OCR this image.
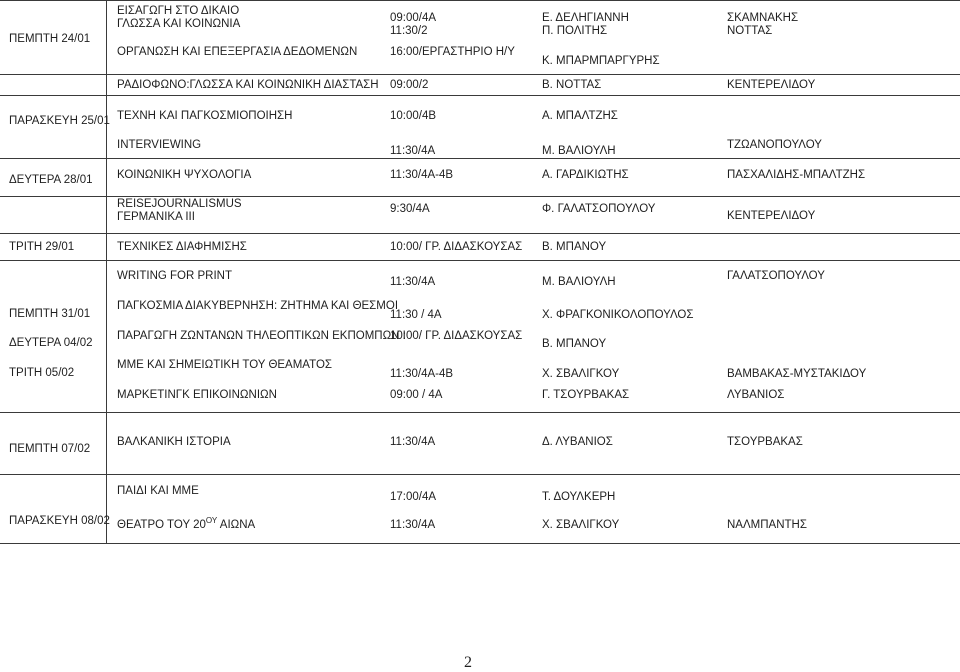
ΠΕΜΠΤΗ 24/01
ΠΑΡΑΣΚΕΥΗ 25/01
ΔΕΥΤΕΡΑ 28/01
ΤΡΙΤΗ 29/01
ΠΕΜΠΤΗ 31/01
ΔΕΥΤΕΡΑ 04/02
ΤΡΙΤΗ 05/02
ΠΕΜΠΤΗ 07/02
ΠΑΡΑΣΚΕΥΗ 08/02
ΕΙΣΑΓΩΓΗ ΣΤΟ ΔΙΚΑΙΟ
ΓΛΩΣΣΑ ΚΑΙ ΚΟΙΝΩΝΙΑ
ΟΡΓΑΝΩΣΗ ΚΑΙ ΕΠΕΞΕΡΓΑΣΙΑ ΔΕΔΟΜΕΝΩΝ
ΡΑΔΙΟΦΩΝΟ:ΓΛΩΣΣΑ ΚΑΙ ΚΟΙΝΩΝΙΚΗ ΔΙΑΣΤΑΣΗ
ΤΕΧΝΗ ΚΑΙ ΠΑΓΚΟΣΜΙΟΠΟΙΗΣΗ
INTERVIEWING
ΚΟΙΝΩΝΙΚΗ ΨΥΧΟΛΟΓΙΑ
REISEJOURNALISMUS
ΓΕΡΜΑΝΙΚΑ ΙΙΙ
ΤΕΧΝΙΚΕΣ ΔΙΑΦΗΜΙΣΗΣ
WRITING FOR PRINT
ΠΑΓΚΟΣΜΙΑ ΔΙΑΚΥΒΕΡΝΗΣΗ: ΖΗΤΗΜΑ ΚΑΙ ΘΕΣΜΟΙ
ΠΑΡΑΓΩΓΗ ΖΩΝΤΑΝΩΝ ΤΗΛΕΟΠΤΙΚΩΝ ΕΚΠΟΜΠΩΝ Ι
ΜΜΕ ΚΑΙ ΣΗΜΕΙΩΤΙΚΗ ΤΟΥ ΘΕΑΜΑΤΟΣ
ΜΑΡΚΕΤΙΝΓΚ ΕΠΙΚΟΙΝΩΝΙΩΝ
ΒΑΛΚΑΝΙΚΗ ΙΣΤΟΡΙΑ
ΠΑΙΔΙ ΚΑΙ ΜΜΕ
ΘΕΑΤΡΟ ΤΟΥ $20^{O\Upsilon}$ ΑΙΩΝΑ
09:00/4Α
11:30/2
16:00/ΕΡΓΑΣΤΗΡΙΟ Η/Υ
09:00/2
10:00/4Β
11:30/4Α
11:30/4Α-4Β
9:30/4Α
10:00/ ΓΡ. ΔΙΔΑΣΚΟΥΣΑΣ
11:30/4Α
11:30 / 4Α
10:00/ ΓΡ. ΔΙΔΑΣΚΟΥΣΑΣ
11:30/4Α-4Β
09:00 / 4Α
11:30/4Α
17:00/4Α
11:30/4Α
Ε. ΔΕΛΗΓΙΑΝΝΗ
Π. ΠΟΛΙΤΗΣ
Κ. ΜΠΑΡΜΠΑΡΓΥΡΗΣ
Β. ΝΟΤΤΑΣ
Α. ΜΠΑΛΤΖΗΣ
Μ. ΒΑΛΙΟΥΛΗ
Α. ΓΑΡΔΙΚΙΩΤΗΣ
Φ. ΓΑΛΑΤΣΟΠΟΥΛΟΥ
Β. ΜΠΑΝΟΥ
Μ. ΒΑΛΙΟΥΛΗ
Χ. ΦΡΑΓΚΟΝΙΚΟΛΟΠΟΥΛΟΣ
Β. ΜΠΑΝΟΥ
Χ. ΣΒΑΛΙΓΚΟΥ
Γ. ΤΣΟΥΡΒΑΚΑΣ
Δ. ΛΥΒΑΝΙΟΣ
Τ. ΔΟΥΛΚΕΡΗ
Χ. ΣΒΑΛΙΓΚΟΥ
ΣΚΑΜΝΑΚΗΣ
ΝΟΤΤΑΣ
ΚΕΝΤΕΡΕΛΙΔΟΥ
ΤΖΩΑΝΟΠΟΥΛΟΥ
ΠΑΣΧΑΛΙΔΗΣ-ΜΠΑΛΤΖΗΣ
ΚΕΝΤΕΡΕΛΙΔΟΥ
ΓΑΛΑΤΣΟΠΟΥΛΟΥ
ΒΑΜΒΑΚΑΣ-ΜΥΣΤΑΚΙΔΟΥ
ΛΥΒΑΝΙΟΣ
ΤΣΟΥΡΒΑΚΑΣ
ΝΑΛΜΠΑΝΤΗΣ
2
